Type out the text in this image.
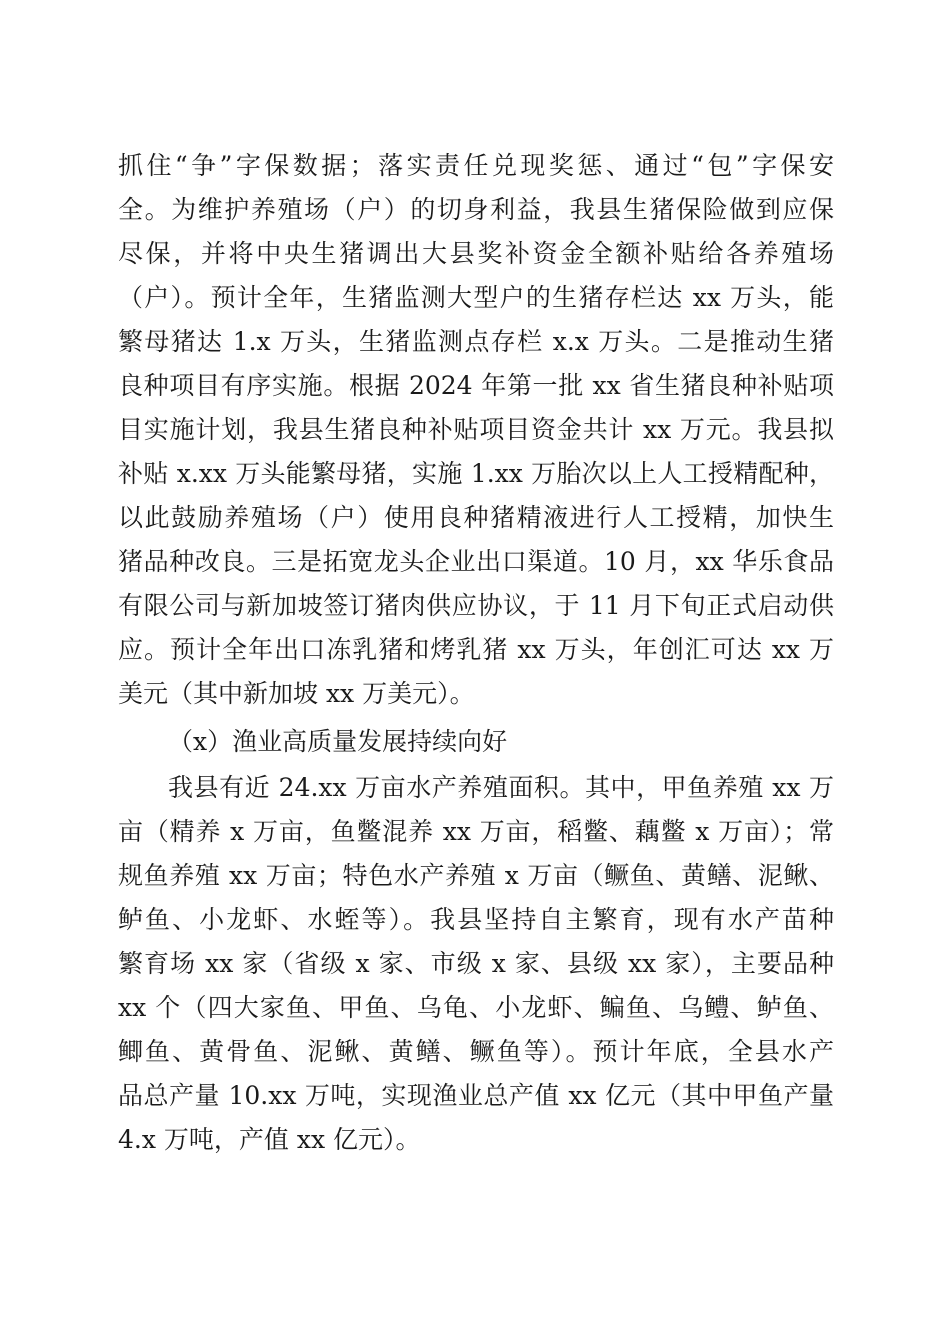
抓住“争”字保数据；落实责任兑现奖惩、通过“包”字保安

全。为维护养殖场（户）的切身利益，我县生猪保险做到应保

尽保，并将中央生猪调出大县奖补资金全额补贴给各养殖场

（户）。预计全年，生猪监测大型户的生猪存栏达 xx 万头，能

繁母猪达 1.x 万头，生猪监测点存栏 x.x 万头。二是推动生猪

良种项目有序实施。根据 2024 年第一批 xx 省生猪良种补贴项

目实施计划，我县生猪良种补贴项目资金共计 xx 万元。我县拟

补贴 x.xx 万头能繁母猪，实施 1.xx 万胎次以上人工授精配种，

以此鼓励养殖场（户）使用良种猪精液进行人工授精，加快生

猪品种改良。三是拓宽龙头企业出口渠道。10 月，xx 华乐食品

有限公司与新加坡签订猪肉供应协议，于 11 月下旬正式启动供

应。预计全年出口冻乳猪和烤乳猪 xx 万头，年创汇可达 xx 万

美元（其中新加坡 xx 万美元）。

（x）渔业高质量发展持续向好

我县有近 24.xx 万亩水产养殖面积。其中，甲鱼养殖 xx 万

亩（精养 x 万亩，鱼鳖混养 xx 万亩，稻鳖、藕鳖 x 万亩）；常

规鱼养殖 xx 万亩；特色水产养殖 x 万亩（鳜鱼、黄鳝、泥鳅、

鲈鱼、小龙虾、水蛭等）。我县坚持自主繁育，现有水产苗种

繁育场 xx 家（省级 x 家、市级 x 家、县级 xx 家），主要品种

xx 个（四大家鱼、甲鱼、乌龟、小龙虾、鳊鱼、乌鳢、鲈鱼、

鲫鱼、黄骨鱼、泥鳅、黄鳝、鳜鱼等）。预计年底，全县水产

品总产量 10.xx 万吨，实现渔业总产值 xx 亿元（其中甲鱼产量

4.x 万吨，产值 xx 亿元）。
